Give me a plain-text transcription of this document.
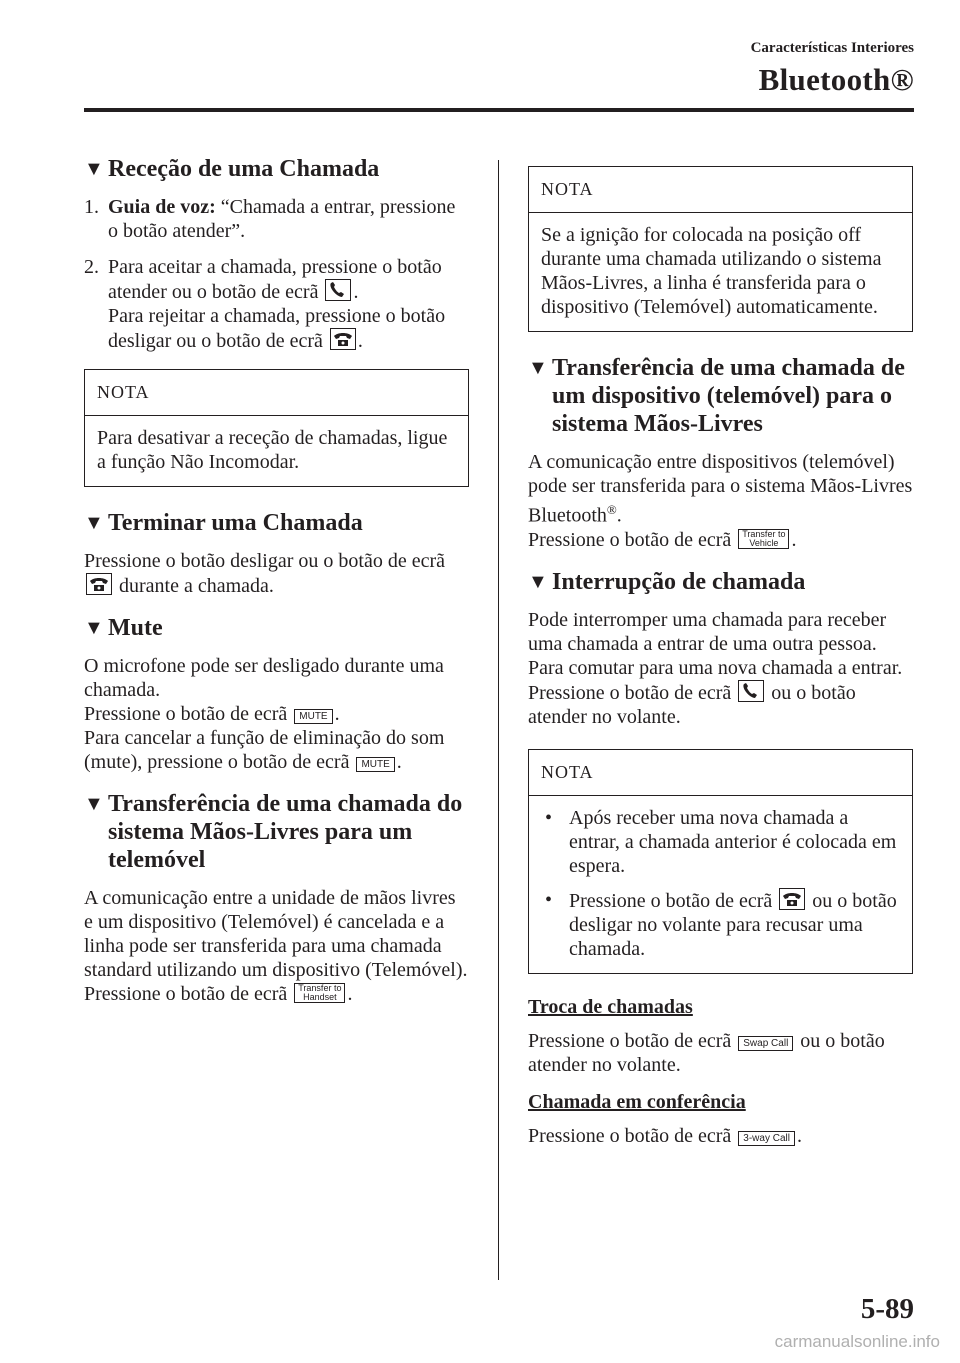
Características Interiores
Bluetooth®
▼ Receção de uma Chamada
1. Guia de voz: “Chamada a entrar, pressione o botão atender”.
2. Para aceitar a chamada, pressione o botão atender ou o botão de ecrã
.
Para rejeitar a chamada, pressione o botão desligar ou o botão de ecrã
.
NOTA
Para desativar a receção de chamadas, ligue a função Não Incomodar.
▼ Terminar uma Chamada

Pressione o botão desligar ou o botão de ecrã
durante a chamada.

▼ Mute

O microfone pode ser desligado durante uma chamada.

Pressione o botão de ecrã MUTE .

Para cancelar a função de eliminação do som (mute), pressione o botão de ecrã MUTE .

▼ Transferência de uma chamada do sistema Mãos-Livres para um telemóvel

A comunicação entre a unidade de mãos livres e um dispositivo (Telemóvel) é cancelada e a linha pode ser transferida para uma chamada standard utilizando um dispositivo (Telemóvel).

Pressione o botão de ecrã Transfer to
Handset .

NOTA
Se a ignição for colocada na posição off durante uma chamada utilizando o sistema Mãos-Livres, a linha é transferida para o dispositivo (Telemóvel) automaticamente.
▼ Transferência de uma chamada de um dispositivo (telemóvel) para o sistema Mãos-Livres

A comunicação entre dispositivos (telemóvel) pode ser transferida para o sistema Mãos-Livres Bluetooth®.

Pressione o botão de ecrã Transfer to
Vehicle .

▼ Interrupção de chamada

Pode interromper uma chamada para receber uma chamada a entrar de uma outra pessoa.

Para comutar para uma nova chamada a entrar.

Pressione o botão de ecrã
ou o botão atender no volante.

NOTA
• Após receber uma nova chamada a entrar, a chamada anterior é colocada em espera.
• Pressione o botão de ecrã
ou o botão desligar no volante para recusar uma chamada.
Troca de chamadas

Pressione o botão de ecrã Swap Call ou o botão atender no volante.

Chamada em conferência

Pressione o botão de ecrã 3-way Call .

5-89
carmanualsonline.info
